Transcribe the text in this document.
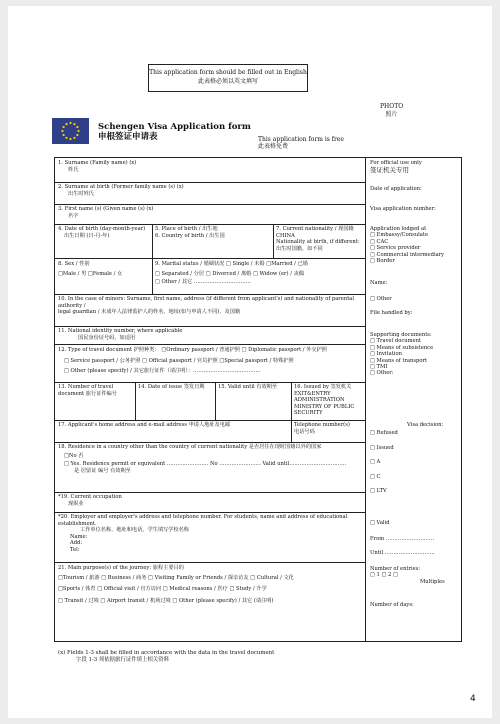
This application form should be filled out in English
此表格必须以英文填写
PHOTO
照片
Schengen Visa Application form
申根签证申请表	This application form is free
此表格免费
1. Surname (Family name) (x)
姓氏
2. Surname at birth (Former family name (s) (x)
出生时姓氏
3. First name (s) (Given name (s) (x)
名字
4. Date of birth (day-month-year)
出生日期 (日-月-年)
5. Place of birth / 出生地
6. Country of birth / 出生国
7. Current nationality / 现国籍 CHINA
Nationality at birth, if different:
出生时国籍，如不同
8. Sex / 性别
□Male / 男 □Female / 女
9. Marital status / 婚姻状况 □ Single / 未婚 □Married / 已婚
□ Separated / 分居 □ Divorced / 离婚 □ Widow (er) / 丧偶
□ Other / 其它 ……………………………
10. In the case of minors: Surname, first name, address (if different from applicant's) and nationality of parental authority /
legal guardian / 未成年人法律监护人的姓名、地址(如与申请人不同)、及国籍
11. National identity number, where applicable
国民身份证号码，如适用
12. Type of travel document 护照种类： □Ordinary passport / 普通护照 □ Diplomatic passport / 外交护照
□ Service passport / 公务护照 □ Official passport / 官员护照 □Special passport / 特殊护照
□ Other (please specify) / 其它旅行证件（请注明）：…………………………………
13. Number of travel document 旅行证件编号
14. Date of issue 签发日期	15. Valid until 有效期至	16. Issued by 签发机关
EXIT&ENTRY
ADMINISTRATION
MINISTRY OF PUBLIC
SECURITY
17. Applicant's home address and e-mail address 申请人地址及电邮	Telephone number(s)
电话号码
18. Residence in a country other than the country of current nationality 是否居住在现时国籍以外的国家
□No 否
□ Yes. Residence permit or equivalent …………………… No …………………… Valid until……………………………
是 居留证 编号 有效期至
*19. Current occupation
现职业
*20. Employer and employer's address and telephone number. For students, name and address of educational establishment.
工作单位名称、地址和电话，学生填写学校名称
Name:
Add:
Tel:
21. Main purpose(s) of the journey: 旅程主要目的
□Tourism / 旅游 □ Business / 商务 □ Visiting Family or Friends / 探亲访友 □ Cultural / 文化
□Sports / 体育 □ Official visit / 官方访问 □ Medical reasons / 医疗 □ Study / 升学
□ Transit / 过境 □ Airport transit / 机场过境 □ Other (please specify) / 其它 (请注明)
For official use only
签证机关专用
Date of application:
Visa application number:
Application lodged at
□ Embassy/Consulate
□ CAC
□ Service provider
□ Commercial intermediary
□ Border
Name:
□ Other
File handled by:
Supporting documents:
□ Travel document
□ Means of subsistence
□ Invitation
□ Means of transport
□ TMI
□ Other:
Visa decision:
□ Refused
□ Issued
□ A
□ C
□ LTV
□ Valid
From ……………………….
Until ………………………..
Number of entries:
□ 1 □ 2 □
Multiples
Number of days:
(x) Fields 1-3 shall be filled in accordance with the data in the travel document
字段 1-3 须依据旅行证件填上相关资料
4
